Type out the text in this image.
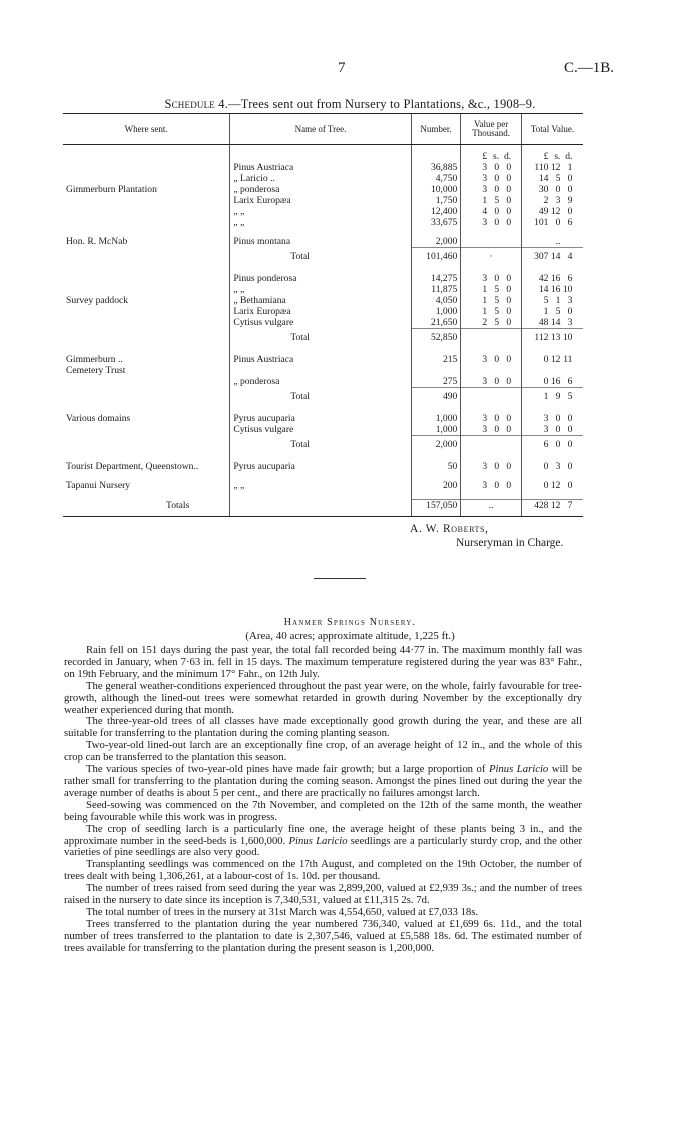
7	C.—1B.
Schedule 4.—Trees sent out from Nursery to Plantations, &c., 1908–9.
Where sent.	Name of Tree.	Number.	Value per Thousand.	Total Value.

			£ s. d.	£ s. d.

	Pinus Austriaca	36,885	3 0 0	110 12 1

	„ Laricio ..	4,750	3 0 0	14 5 0

Gimmerburn Plantation	„ ponderosa	10,000	3 0 0	30 0 0

	Larix Europæa	1,750	1 5 0	2 3 9

	„ „	12,400	4 0 0	49 12 0

	„ „	33,675	3 0 0	101 0 6

Hon. R. McNab	Pinus montana	2,000		..

	Total	101,460	·	307 14 4

	Pinus ponderosa	14,275	3 0 0	42 16 6

	„ „	11,875	1 5 0	14 16 10

Survey paddock	„ Bethamiana	4,050	1 5 0	5 1 3

	Larix Europæa	1,000	1 5 0	1 5 0

	Cytisus vulgare	21,650	2 5 0	48 14 3

	Total	52,850		112 13 10

Gimmerburn ..
Cemetery Trust	Pinus Austriaca	215	3 0 0	0 12 11

	„ ponderosa	275	3 0 0	0 16 6

	Total	490		1 9 5

Various domains	Pyrus aucuparia	1,000	3 0 0	3 0 0

	Cytisus vulgare	1,000	3 0 0	3 0 0

	Total	2,000		6 0 0

Tourist Department, Queenstown..	Pyrus aucuparia	50	3 0 0	0 3 0

Tapanui Nursery	„ „	200	3 0 0	0 12 0

Totals		157,050	..	428 12 7
A. W. Roberts,
Nurseryman in Charge.
Hanmer Springs Nursery.
(Area, 40 acres; approximate altitude, 1,225 ft.)

Rain fell on 151 days during the past year, the total fall recorded being 44·77 in. The maximum monthly fall was recorded in January, when 7·63 in. fell in 15 days. The maximum temperature registered during the year was 83° Fahr., on 19th February, and the minimum 17° Fahr., on 12th July.

The general weather-conditions experienced throughout the past year were, on the whole, fairly favourable for tree-growth, although the lined-out trees were somewhat retarded in growth during November by the exceptionally dry weather experienced during that month.

The three-year-old trees of all classes have made exceptionally good growth during the year, and these are all suitable for transferring to the plantation during the coming planting season.

Two-year-old lined-out larch are an exceptionally fine crop, of an average height of 12 in., and the whole of this crop can be transferred to the plantation this season.

The various species of two-year-old pines have made fair growth; but a large proportion of Pinus Laricio will be rather small for transferring to the plantation during the coming season. Amongst the pines lined out during the year the average number of deaths is about 5 per cent., and there are practically no failures amongst larch.

Seed-sowing was commenced on the 7th November, and completed on the 12th of the same month, the weather being favourable while this work was in progress.

The crop of seedling larch is a particularly fine one, the average height of these plants being 3 in., and the approximate number in the seed-beds is 1,600,000. Pinus Laricio seedlings are a particularly sturdy crop, and the other varieties of pine seedlings are also very good.

Transplanting seedlings was commenced on the 17th August, and completed on the 19th October, the number of trees dealt with being 1,306,261, at a labour-cost of 1s. 10d. per thousand.

The number of trees raised from seed during the year was 2,899,200, valued at £2,939 3s.; and the number of trees raised in the nursery to date since its inception is 7,340,531, valued at £11,315 2s. 7d.

The total number of trees in the nursery at 31st March was 4,554,650, valued at £7,033 18s.

Trees transferred to the plantation during the year numbered 736,340, valued at £1,699 6s. 11d., and the total number of trees transferred to the plantation to date is 2,307,546, valued at £5,588 18s. 6d. The estimated number of trees available for transferring to the plantation during the present season is 1,200,000.
